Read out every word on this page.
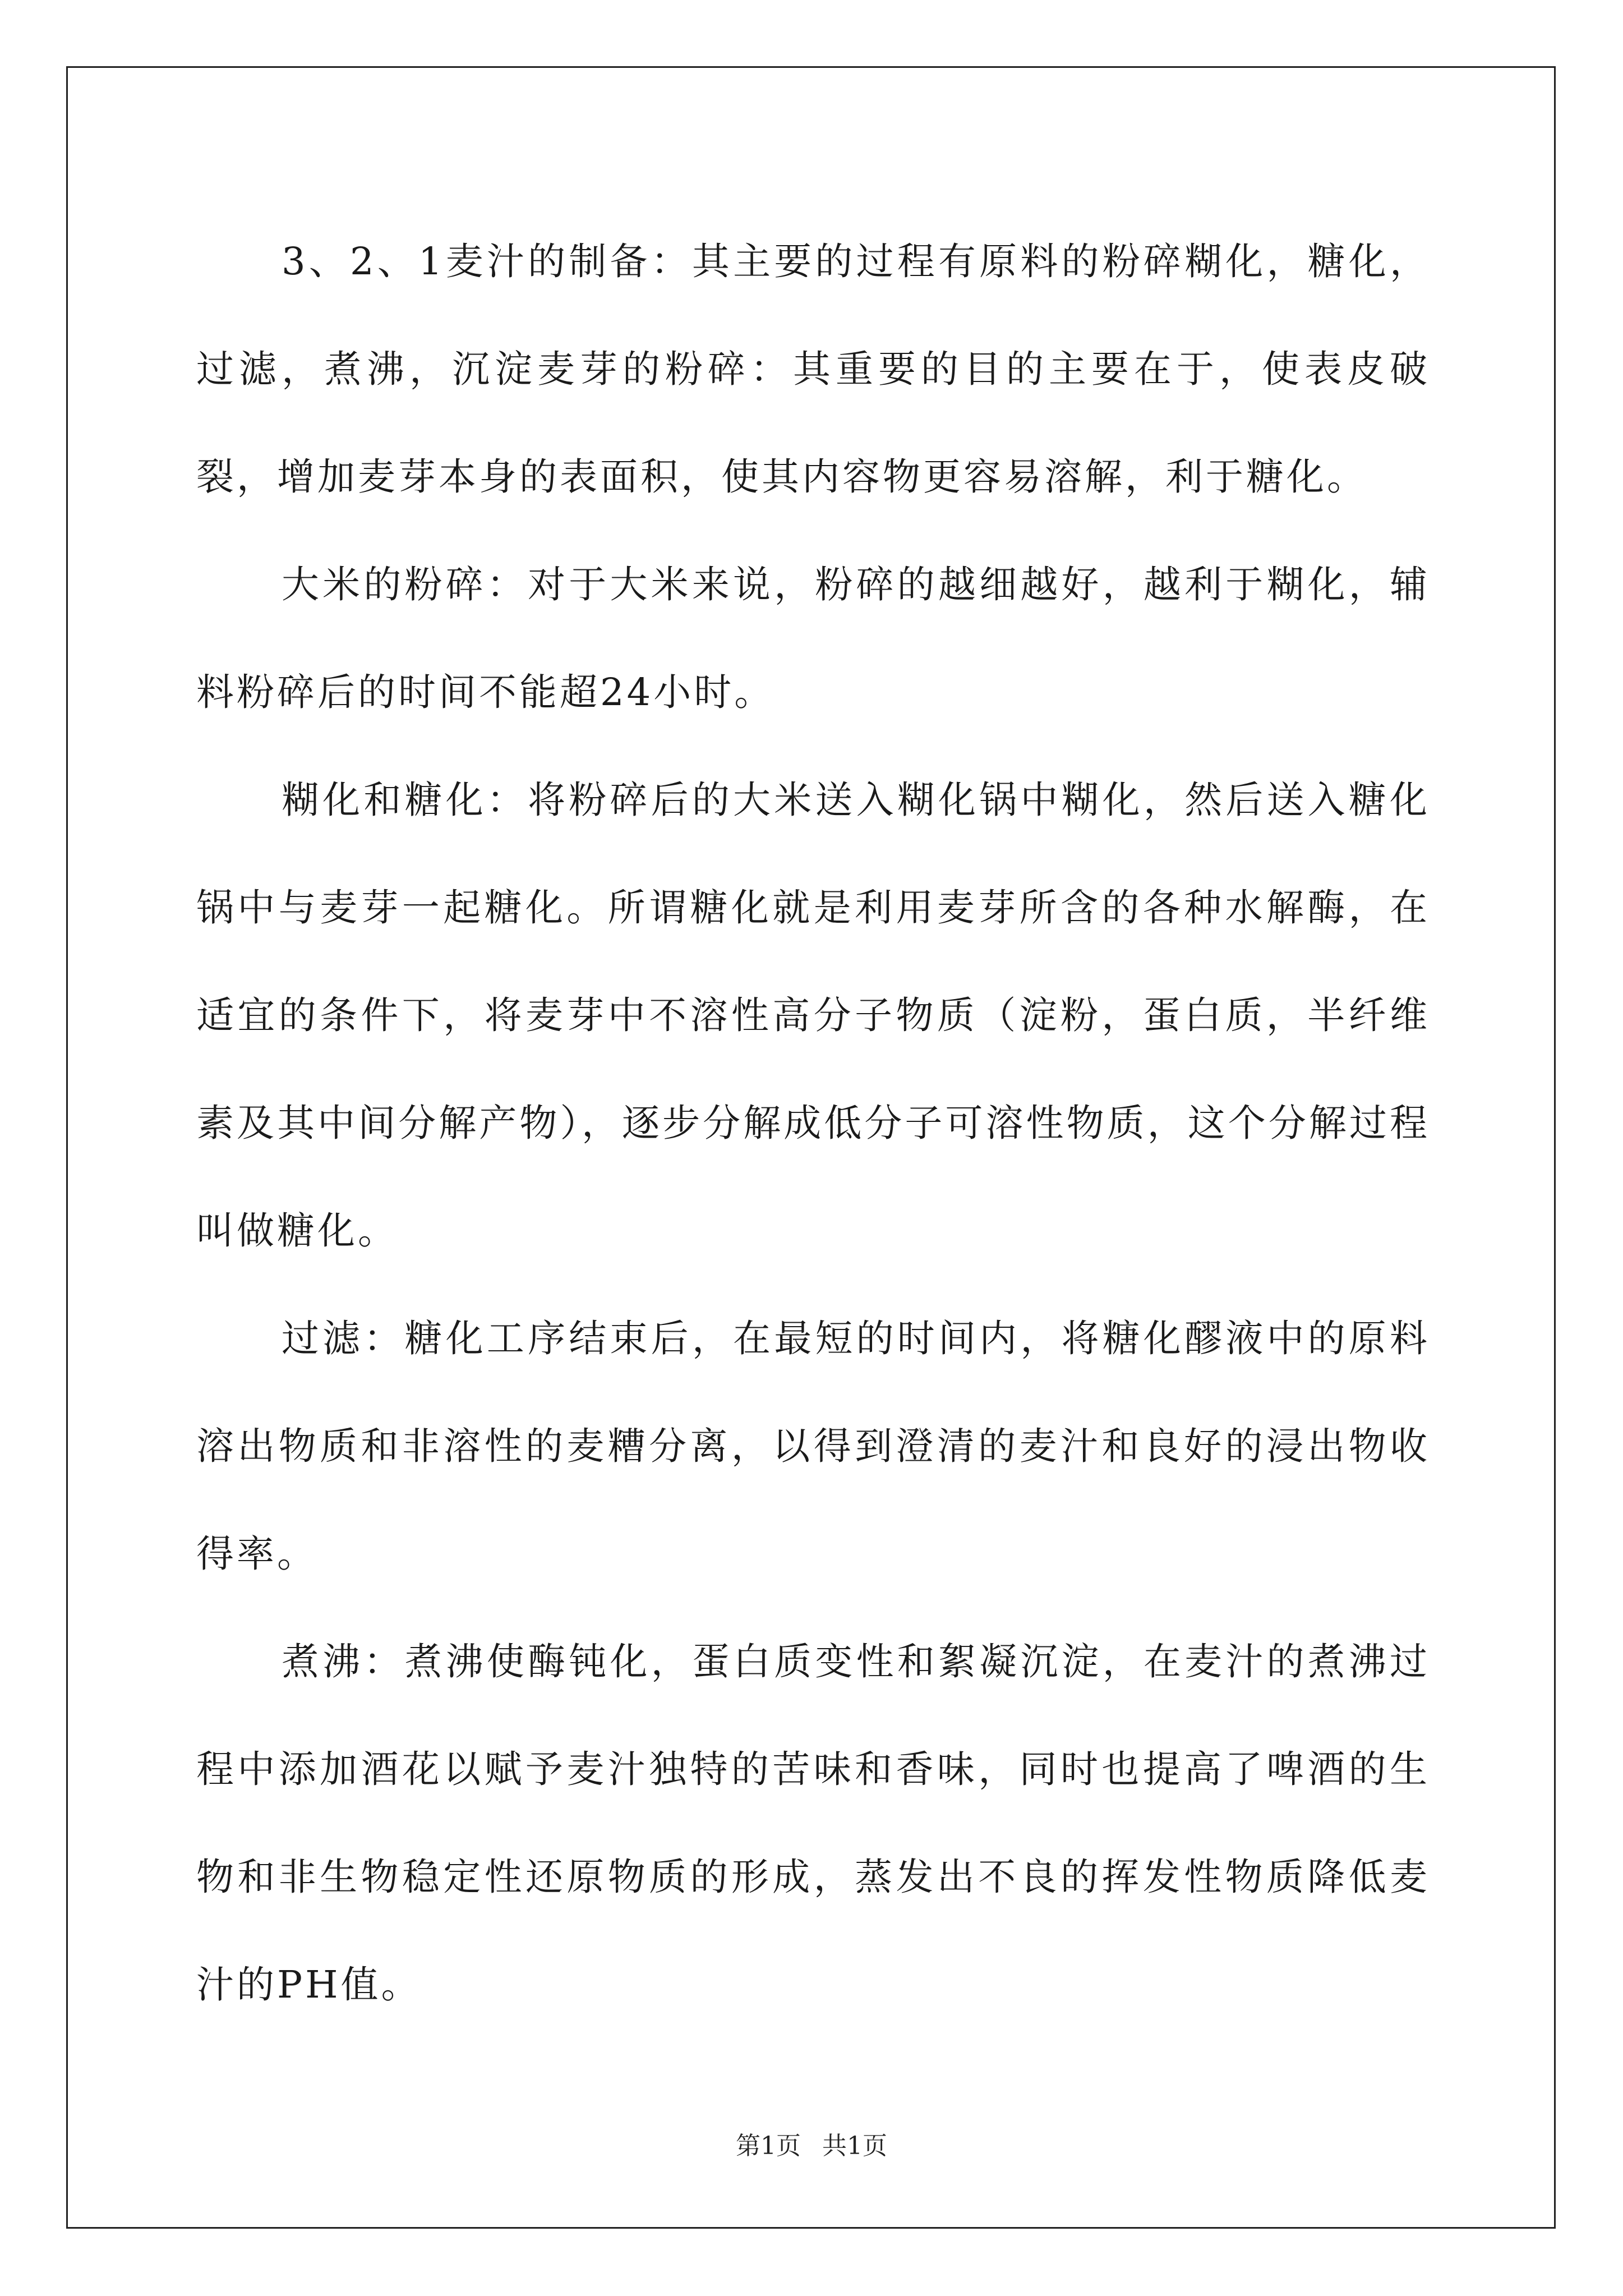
3、2、1麦汁的制备：其主要的过程有原料的粉碎糊化，糖化，过滤，煮沸，沉淀麦芽的粉碎：其重要的目的主要在于，使表皮破裂，增加麦芽本身的表面积，使其内容物更容易溶解，利于糖化。

大米的粉碎：对于大米来说，粉碎的越细越好，越利于糊化，辅料粉碎后的时间不能超24小时。

糊化和糖化：将粉碎后的大米送入糊化锅中糊化，然后送入糖化锅中与麦芽一起糖化。所谓糖化就是利用麦芽所含的各种水解酶，在适宜的条件下，将麦芽中不溶性高分子物质（淀粉，蛋白质，半纤维素及其中间分解产物），逐步分解成低分子可溶性物质，这个分解过程叫做糖化。

过滤：糖化工序结束后，在最短的时间内，将糖化醪液中的原料溶出物质和非溶性的麦糟分离，以得到澄清的麦汁和良好的浸出物收得率。

煮沸：煮沸使酶钝化，蛋白质变性和絮凝沉淀，在麦汁的煮沸过程中添加酒花以赋予麦汁独特的苦味和香味，同时也提高了啤酒的生物和非生物稳定性还原物质的形成，蒸发出不良的挥发性物质降低麦汁的PH值。

第1页 共1页
